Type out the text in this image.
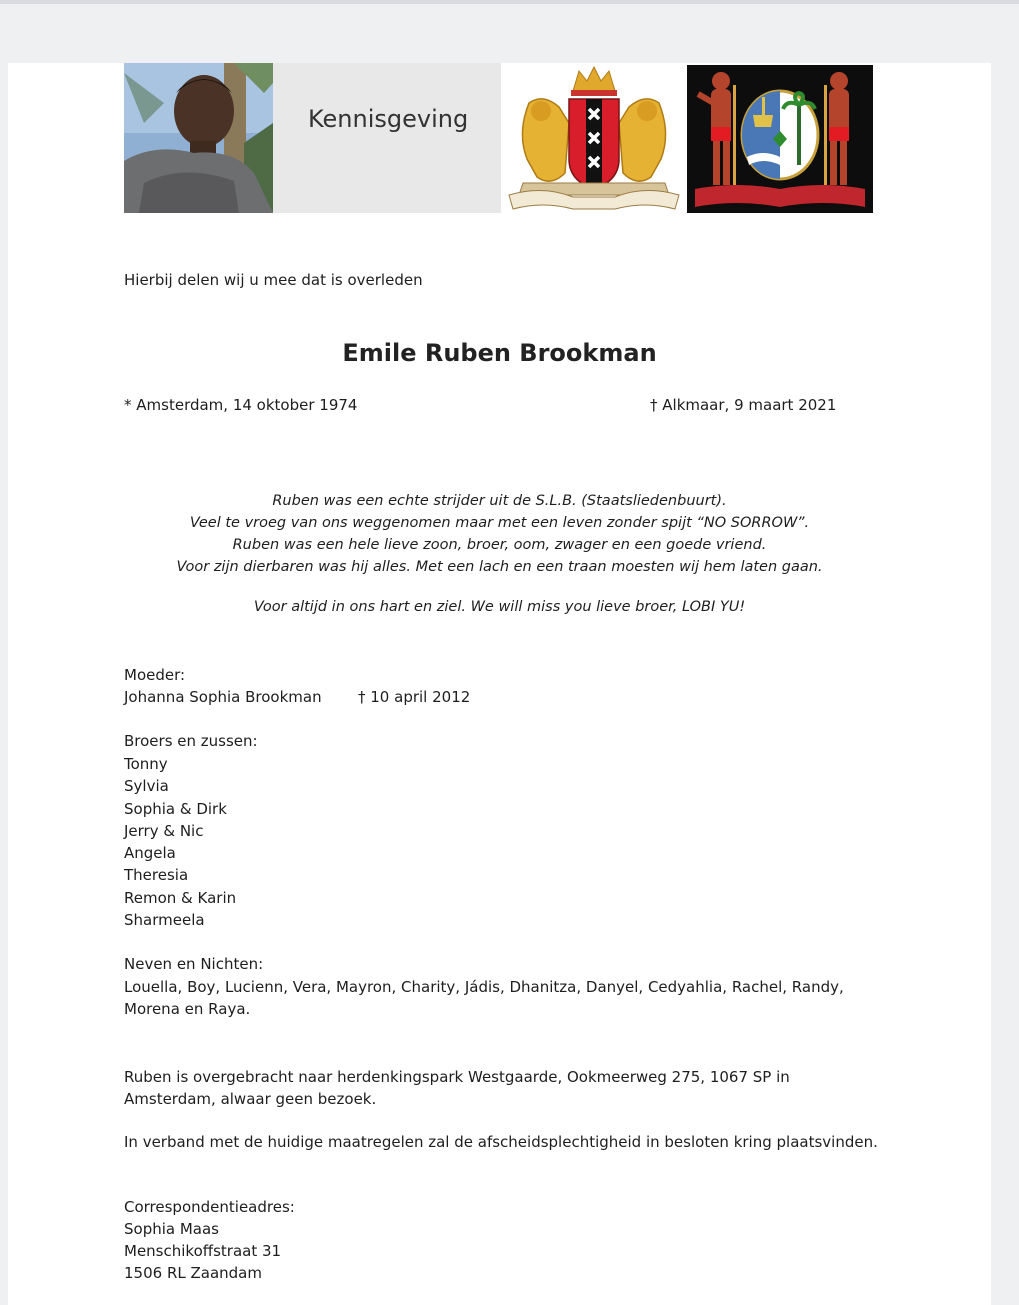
Kennisgeving
Hierbij delen wij u mee dat is overleden
Emile Ruben Brookman
* Amsterdam, 14 oktober 1974	† Alkmaar, 9 maart 2021
Ruben was een echte strijder uit de S.L.B. (Staatsliedenbuurt).
Veel te vroeg van ons weggenomen maar met een leven zonder spijt “NO SORROW”.
Ruben was een hele lieve zoon, broer, oom, zwager en een goede vriend.
Voor zijn dierbaren was hij alles. Met een lach en een traan moesten wij hem laten gaan.
Voor altijd in ons hart en ziel. We will miss you lieve broer, LOBI YU!
Moeder:
Johanna Sophia Brookman † 10 april 2012
Broers en zussen:
Tonny
Sylvia
Sophia & Dirk
Jerry & Nic
Angela
Theresia
Remon & Karin
Sharmeela
Neven en Nichten:
Louella, Boy, Lucienn, Vera, Mayron, Charity, Jádis, Dhanitza, Danyel, Cedyahlia, Rachel, Randy, Morena en Raya.
Ruben is overgebracht naar herdenkingspark Westgaarde, Ookmeerweg 275, 1067 SP in Amsterdam, alwaar geen bezoek.
In verband met de huidige maatregelen zal de afscheidsplechtigheid in besloten kring plaatsvinden.
Correspondentieadres:
Sophia Maas
Menschikoffstraat 31
1506 RL Zaandam
